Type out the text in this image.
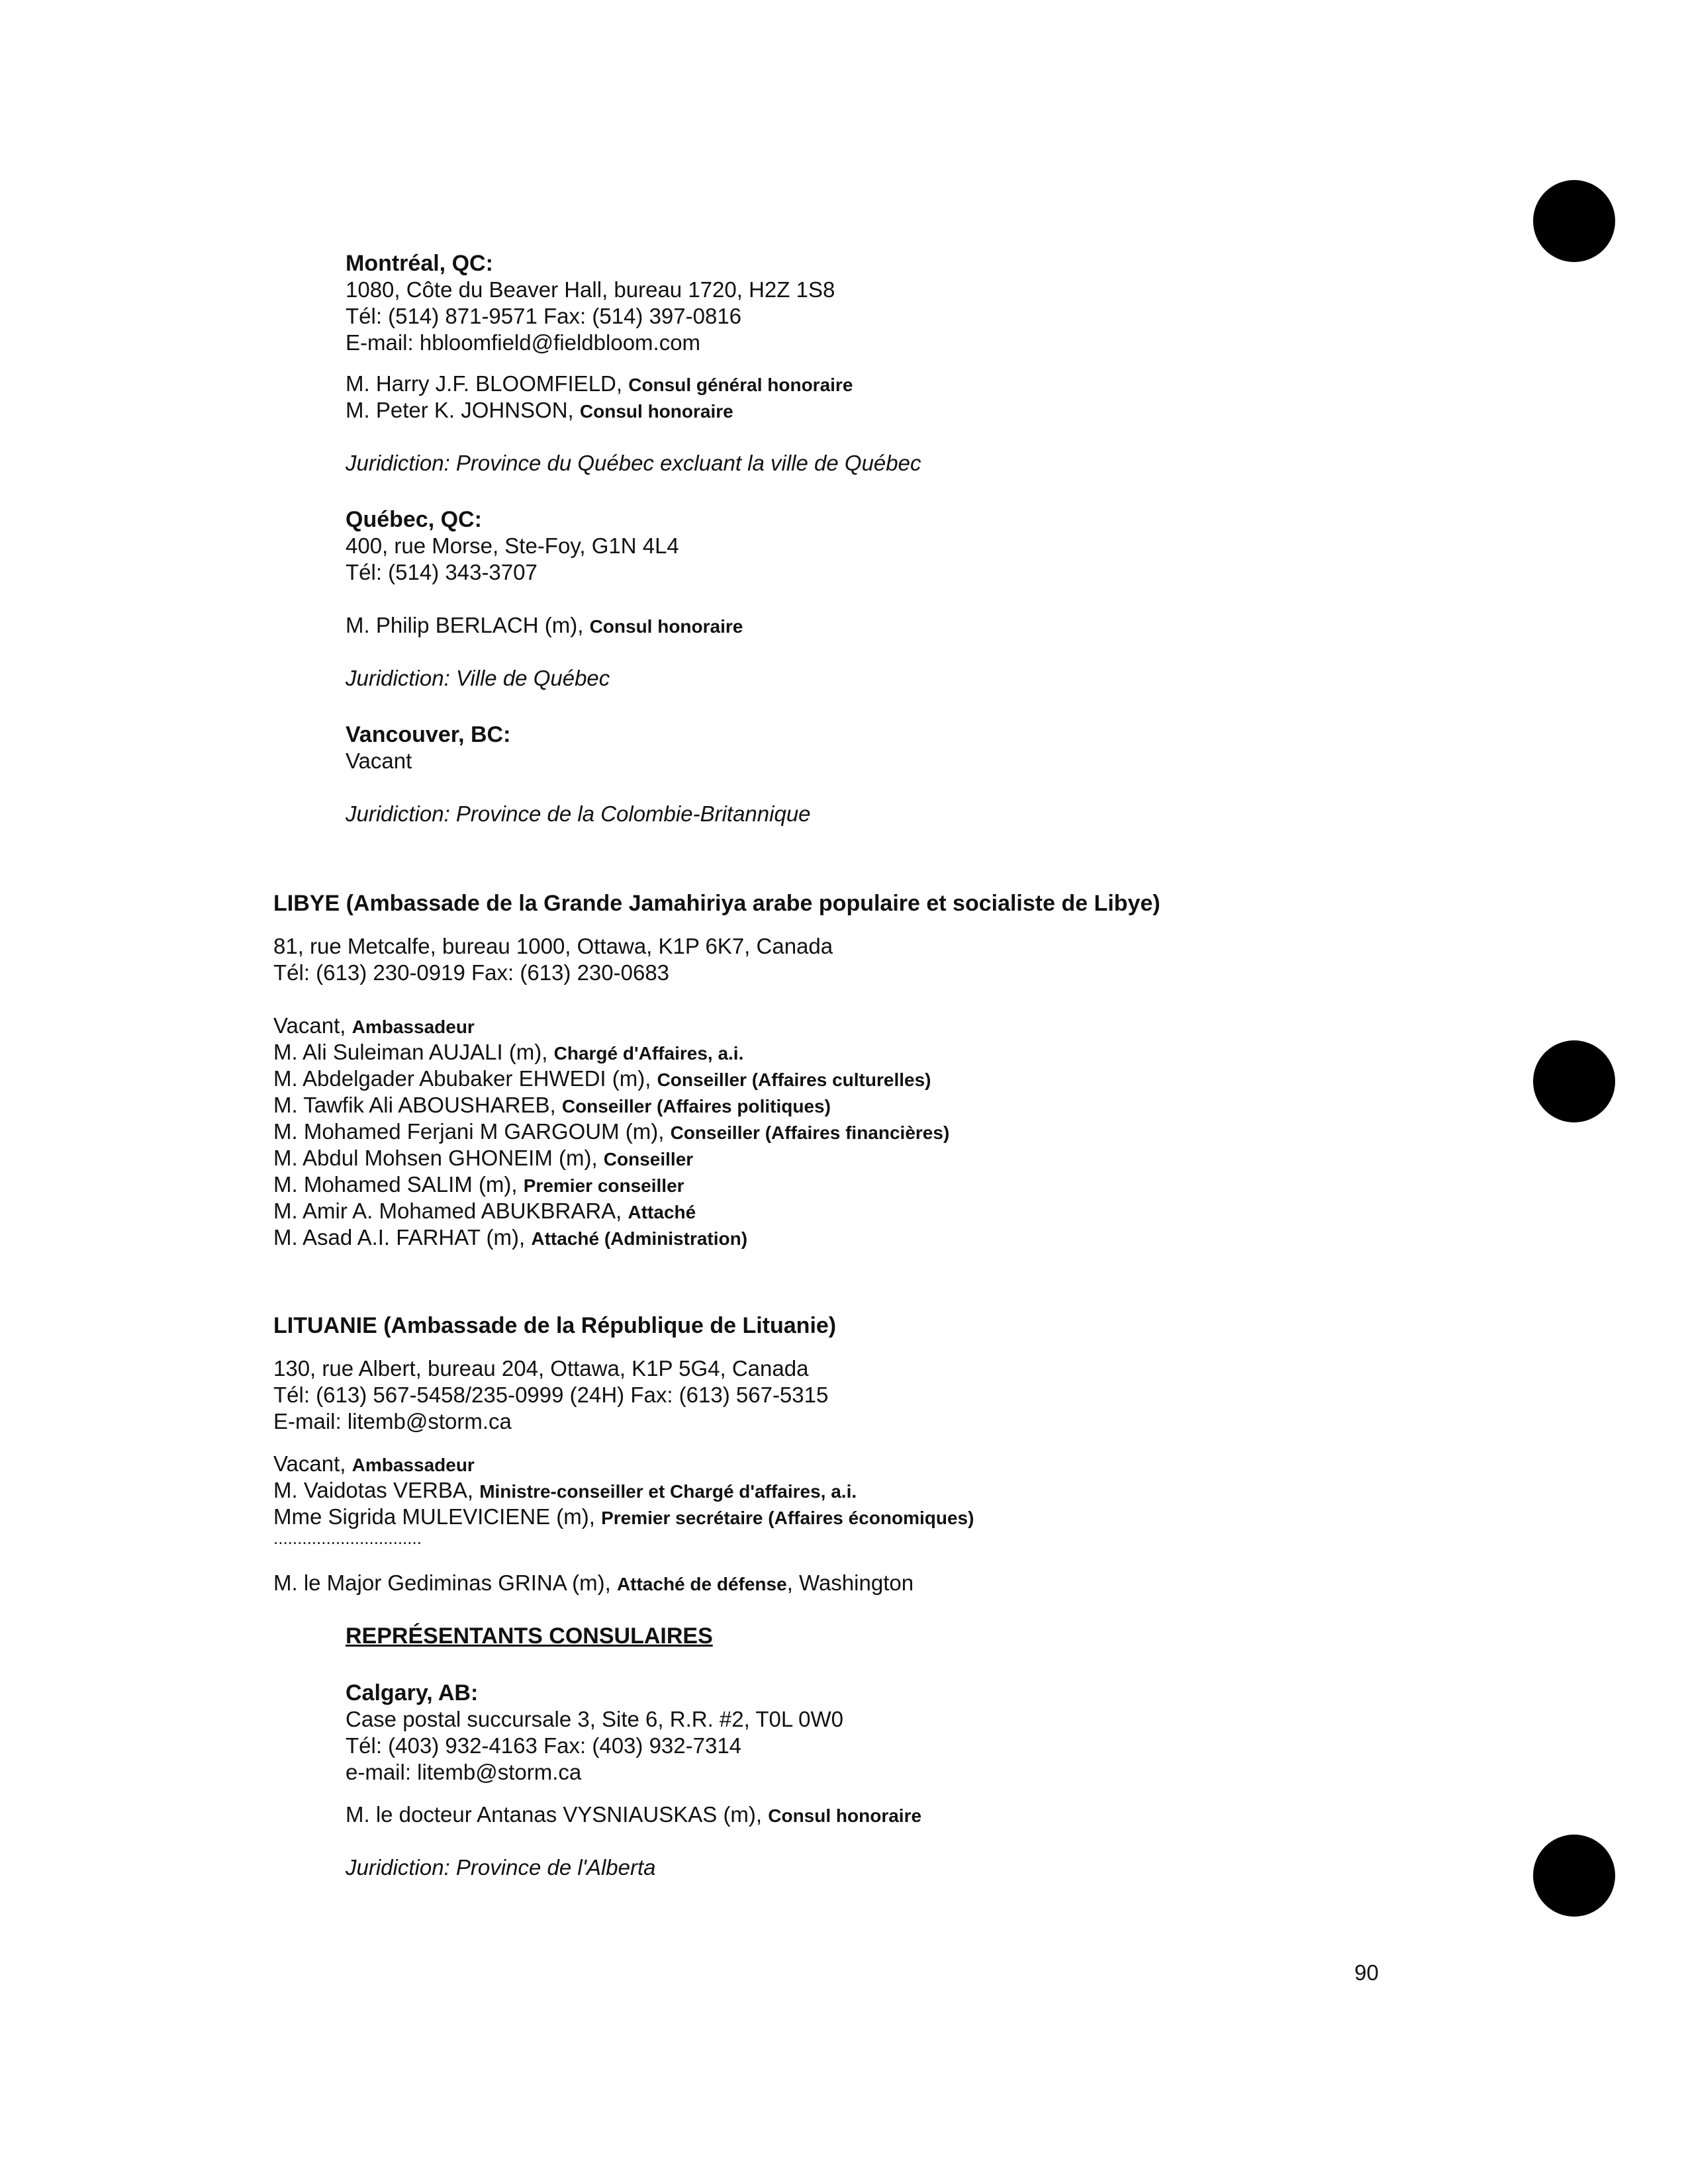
Montréal, QC:
1080, Côte du Beaver Hall, bureau 1720, H2Z 1S8
Tél: (514) 871-9571 Fax: (514) 397-0816
E-mail: hbloomfield@fieldbloom.com
M. Harry J.F. BLOOMFIELD, Consul général honoraire
M. Peter K. JOHNSON, Consul honoraire
Juridiction: Province du Québec excluant la ville de Québec
Québec, QC:
400, rue Morse, Ste-Foy, G1N 4L4
Tél: (514) 343-3707
M. Philip BERLACH (m), Consul honoraire
Juridiction: Ville de Québec
Vancouver, BC:
Vacant
Juridiction: Province de la Colombie-Britannique
LIBYE (Ambassade de la Grande Jamahiriya arabe populaire et socialiste de Libye)
81, rue Metcalfe, bureau 1000, Ottawa, K1P 6K7, Canada
Tél: (613) 230-0919 Fax: (613) 230-0683
Vacant, Ambassadeur
M. Ali Suleiman AUJALI (m), Chargé d'Affaires, a.i.
M. Abdelgader Abubaker EHWEDI (m), Conseiller (Affaires culturelles)
M. Tawfik Ali ABOUSHAREB, Conseiller (Affaires politiques)
M. Mohamed Ferjani M GARGOUM (m), Conseiller (Affaires financières)
M. Abdul Mohsen GHONEIM (m), Conseiller
M. Mohamed SALIM (m), Premier conseiller
M. Amir A. Mohamed ABUKBRARA, Attaché
M. Asad A.I. FARHAT (m), Attaché (Administration)
LITUANIE (Ambassade de la République de Lituanie)
130, rue Albert, bureau 204, Ottawa, K1P 5G4, Canada
Tél: (613) 567-5458/235-0999 (24H) Fax: (613) 567-5315
E-mail: litemb@storm.ca
Vacant, Ambassadeur
M. Vaidotas VERBA, Ministre-conseiller et Chargé d'affaires, a.i.
Mme Sigrida MULEVICIENE (m), Premier secrétaire (Affaires économiques)
...............................
M. le Major Gediminas GRINA (m), Attaché de défense, Washington
REPRÉSENTANTS CONSULAIRES
Calgary, AB:
Case postal succursale 3, Site 6, R.R. #2, T0L 0W0
Tél: (403) 932-4163 Fax: (403) 932-7314
e-mail: litemb@storm.ca
M. le docteur Antanas VYSNIAUSKAS (m), Consul honoraire
Juridiction: Province de l'Alberta
90
